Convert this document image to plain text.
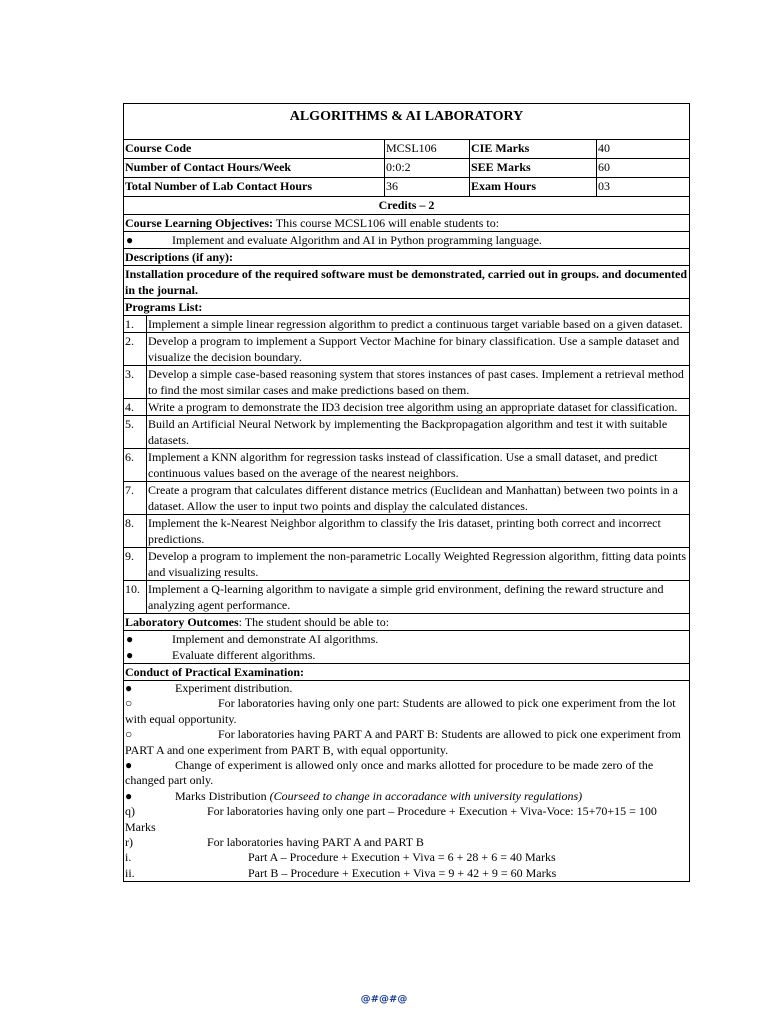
ALGORITHMS & AI LABORATORY
Course Code	MCSL106	CIE Marks	40
Number of Contact Hours/Week	0:0:2	SEE Marks	60
Total Number of Lab Contact Hours	36	Exam Hours	03
Credits – 2
Course Learning Objectives: This course MCSL106 will enable students to:
●	Implement and evaluate Algorithm and AI in Python programming language.
Descriptions (if any):
Installation procedure of the required software must be demonstrated, carried out in groups. and documented in the journal.
Programs List:
1.	Implement a simple linear regression algorithm to predict a continuous target variable based on a given dataset.
2.	Develop a program to implement a Support Vector Machine for binary classification. Use a sample dataset and visualize the decision boundary.
3.	Develop a simple case-based reasoning system that stores instances of past cases. Implement a retrieval method to find the most similar cases and make predictions based on them.
4.	Write a program to demonstrate the ID3 decision tree algorithm using an appropriate dataset for classification.
5.	Build an Artificial Neural Network by implementing the Backpropagation algorithm and test it with suitable datasets.
6.	Implement a KNN algorithm for regression tasks instead of classification. Use a small dataset, and predict continuous values based on the average of the nearest neighbors.
7.	Create a program that calculates different distance metrics (Euclidean and Manhattan) between two points in a dataset. Allow the user to input two points and display the calculated distances.
8.	Implement the k-Nearest Neighbor algorithm to classify the Iris dataset, printing both correct and incorrect predictions.
9.	Develop a program to implement the non-parametric Locally Weighted Regression algorithm, fitting data points and visualizing results.
10. Implement a Q-learning algorithm to navigate a simple grid environment, defining the reward structure and analyzing agent performance.
Laboratory Outcomes: The student should be able to:
●	Implement and demonstrate AI algorithms.
●	Evaluate different algorithms.
Conduct of Practical Examination:
●	Experiment distribution.
○	For laboratories having only one part: Students are allowed to pick one experiment from the lot with equal opportunity.
○	For laboratories having PART A and PART B: Students are allowed to pick one experiment from PART A and one experiment from PART B, with equal opportunity.
●	Change of experiment is allowed only once and marks allotted for procedure to be made zero of the changed part only.
●	Marks Distribution (Courseed to change in accoradance with university regulations)
q)	For laboratories having only one part – Procedure + Execution + Viva-Voce: 15+70+15 = 100 Marks
r)	For laboratories having PART A and PART B
i.	Part A – Procedure + Execution + Viva = 6 + 28 + 6 = 40 Marks
ii.	Part B – Procedure + Execution + Viva = 9 + 42 + 9 = 60 Marks
@#@#@
